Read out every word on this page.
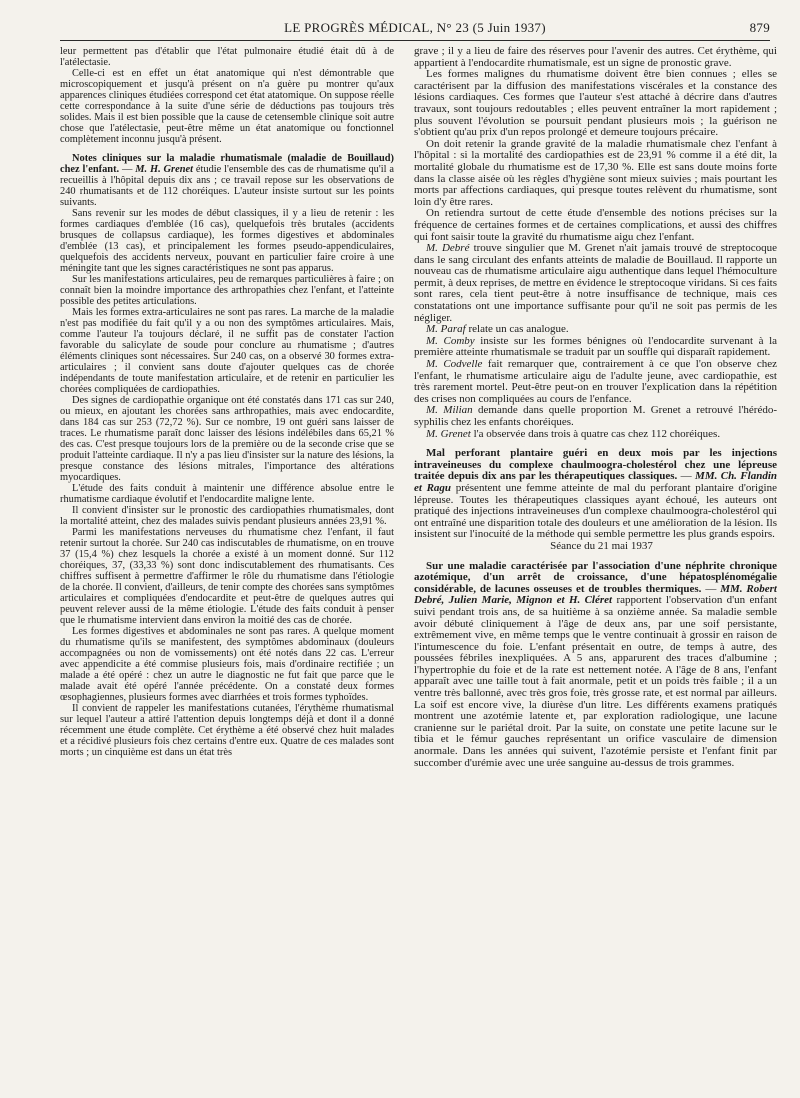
LE PROGRÈS MÉDICAL, N° 23 (5 Juin 1937)	879

leur permettent pas d'établir que l'état pulmonaire étudié était dû à de l'atélectasie.

Celle-ci est en effet un état anatomique qui n'est démontrable que microscopiquement et jusqu'à présent on n'a guère pu montrer qu'aux apparences cliniques étudiées correspond cet état atatomique. On suppose réelle cette correspondance à la suite d'une série de déductions pas toujours très solides. Mais il est bien possible que la cause de cetensemble clinique soit autre chose que l'atélectasie, peut-être même un état anatomique ou fonctionnel complètement inconnu jusqu'à présent.

Notes cliniques sur la maladie rhumatismale (maladie de Bouillaud) chez l'enfant. — M. H. Grenet étudie l'ensemble des cas de rhumatisme qu'il a recueillis à l'hôpital depuis dix ans ; ce travail repose sur les observations de 240 rhumatisants et de 112 choréiques. L'auteur insiste surtout sur les points suivants.

Sans revenir sur les modes de début classiques, il y a lieu de retenir : les formes cardiaques d'emblée (16 cas), quelquefois très brutales (accidents brusques de collapsus cardiaque), les formes digestives et abdominales d'emblée (13 cas), et principalement les formes pseudo-appendiculaires, quelquefois des accidents nerveux, pouvant en particulier faire croire à une méningite tant que les signes caractéristiques ne sont pas apparus.

Sur les manifestations articulaires, peu de remarques particulières à faire ; on connaît bien la moindre importance des arthropathies chez l'enfant, et l'atteinte possible des petites articulations.

Mais les formes extra-articulaires ne sont pas rares. La marche de la maladie n'est pas modifiée du fait qu'il y a ou non des symptômes articulaires. Mais, comme l'auteur l'a toujours déclaré, il ne suffit pas de constater l'action favorable du salicylate de soude pour conclure au rhumatisme ; d'autres éléments cliniques sont nécessaires. Sur 240 cas, on a observé 30 formes extra-articulaires ; il convient sans doute d'ajouter quelques cas de chorée indépendants de toute manifestation articulaire, et de retenir en particulier les chorées compliquées de cardiopathies.

Des signes de cardiopathie organique ont été constatés dans 171 cas sur 240, ou mieux, en ajoutant les chorées sans arthropathies, mais avec endocardite, dans 184 cas sur 253 (72,72 %). Sur ce nombre, 19 ont guéri sans laisser de traces. Le rhumatisme paraît donc laisser des lésions indélébiles dans 65,21 % des cas. C'est presque toujours lors de la première ou de la seconde crise que se produit l'atteinte cardiaque. Il n'y a pas lieu d'insister sur la nature des lésions, la presque constance des lésions mitrales, l'importance des altérations myocardiques.

L'étude des faits conduit à maintenir une différence absolue entre le rhumatisme cardiaque évolutif et l'endocardite maligne lente.

Il convient d'insister sur le pronostic des cardiopathies rhumatismales, dont la mortalité atteint, chez des malades suivis pendant plusieurs années 23,91 %.

Parmi les manifestations nerveuses du rhumatisme chez l'enfant, il faut retenir surtout la chorée. Sur 240 cas indiscutables de rhumatisme, on en trouve 37 (15,4 %) chez lesquels la chorée a existé à un moment donné. Sur 112 choréiques, 37, (33,33 %) sont donc indiscutablement des rhumatisants. Ces chiffres suffisent à permettre d'affirmer le rôle du rhumatisme dans l'étiologie de la chorée. Il convient, d'ailleurs, de tenir compte des chorées sans symptômes articulaires et compliquées d'endocardite et peut-être de quelques autres qui peuvent relever aussi de la même étiologie. L'étude des faits conduit à penser que le rhumatisme intervient dans environ la moitié des cas de chorée.

Les formes digestives et abdominales ne sont pas rares. A quelque moment du rhumatisme qu'ils se manifestent, des symptômes abdominaux (douleurs accompagnées ou non de vomissements) ont été notés dans 22 cas. L'erreur avec appendicite a été commise plusieurs fois, mais d'ordinaire rectifiée ; un malade a été opéré : chez un autre le diagnostic ne fut fait que parce que le malade avait été opéré l'année précédente. On a constaté deux formes œsophagiennes, plusieurs formes avec diarrhées et trois formes typhoïdes.

Il convient de rappeler les manifestations cutanées, l'érythème rhumatismal sur lequel l'auteur a attiré l'attention depuis longtemps déjà et dont il a donné récemment une étude complète. Cet érythème a été observé chez huit malades et a récidivé plusieurs fois chez certains d'entre eux. Quatre de ces malades sont morts ; un cinquième est dans un état très

grave ; il y a lieu de faire des réserves pour l'avenir des autres. Cet érythème, qui appartient à l'endocardite rhumatismale, est un signe de pronostic grave.

Les formes malignes du rhumatisme doivent être bien connues ; elles se caractérisent par la diffusion des manifestations viscérales et la constance des lésions cardiaques. Ces formes que l'auteur s'est attaché à décrire dans d'autres travaux, sont toujours redoutables ; elles peuvent entraîner la mort rapidement ; plus souvent l'évolution se poursuit pendant plusieurs mois ; la guérison ne s'obtient qu'au prix d'un repos prolongé et demeure toujours précaire.

On doit retenir la grande gravité de la maladie rhumatismale chez l'enfant à l'hôpital : si la mortalité des cardiopathies est de 23,91 % comme il a été dit, la mortalité globale du rhumatisme est de 17,30 %. Elle est sans doute moins forte dans la classe aisée où les règles d'hygiène sont mieux suivies ; mais pourtant les morts par affections cardiaques, qui presque toutes relèvent du rhumatisme, sont loin d'y être rares.

On retiendra surtout de cette étude d'ensemble des notions précises sur la fréquence de certaines formes et de certaines complications, et aussi des chiffres qui font saisir toute la gravité du rhumatisme aigu chez l'enfant.

M. Debré trouve singulier que M. Grenet n'ait jamais trouvé de streptocoque dans le sang circulant des enfants atteints de maladie de Bouillaud. Il rapporte un nouveau cas de rhumatisme articulaire aigu authentique dans lequel l'hémoculture permit, à deux reprises, de mettre en évidence le streptocoque viridans. Si ces faits sont rares, cela tient peut-être à notre insuffisance de technique, mais ces constatations ont une importance suffisante pour qu'il ne soit pas permis de les négliger.

M. Paraf relate un cas analogue.

M. Comby insiste sur les formes bénignes où l'endocardite survenant à la première atteinte rhumatismale se traduit par un souffle qui disparaît rapidement.

M. Codvelle fait remarquer que, contrairement à ce que l'on observe chez l'enfant, le rhumatisme articulaire aigu de l'adulte jeune, avec cardiopathie, est très rarement mortel. Peut-être peut-on en trouver l'explication dans la répétition des crises non compliquées au cours de l'enfance.

M. Milian demande dans quelle proportion M. Grenet a retrouvé l'hérédo-syphilis chez les enfants choréiques.

M. Grenet l'a observée dans trois à quatre cas chez 112 choréiques.

Mal perforant plantaire guéri en deux mois par les injections intraveineuses du complexe chaulmoogra-cholestérol chez une lépreuse traitée depuis dix ans par les thérapeutiques classiques. — MM. Ch. Flandin et Ragu présentent une femme atteinte de mal du perforant plantaire d'origine lépreuse. Toutes les thérapeutiques classiques ayant échoué, les auteurs ont pratiqué des injections intraveineuses d'un complexe chaulmoogra-cholestérol qui ont entraîné une disparition totale des douleurs et une amélioration de la lésion. Ils insistent sur l'inocuité de la méthode qui semble permettre les plus grands espoirs.

Séance du 21 mai 1937

Sur une maladie caractérisée par l'association d'une néphrite chronique azotémique, d'un arrêt de croissance, d'une hépatosplénomégalie considérable, de lacunes osseuses et de troubles thermiques. — MM. Robert Debré, Julien Marie, Mignon et H. Cléret rapportent l'observation d'un enfant suivi pendant trois ans, de sa huitième à sa onzième année. Sa maladie semble avoir débuté cliniquement à l'âge de deux ans, par une soif persistante, extrêmement vive, en même temps que le ventre continuait à grossir en raison de l'intumescence du foie. L'enfant présentait en outre, de temps à autre, des poussées fébriles inexpliquées. A 5 ans, apparurent des traces d'albumine ; l'hypertrophie du foie et de la rate est nettement notée. A l'âge de 8 ans, l'enfant apparaît avec une taille tout à fait anormale, petit et un poids très faible ; il a un ventre très ballonné, avec très gros foie, très grosse rate, et est normal par ailleurs. La soif est encore vive, la diurèse d'un litre. Les différents examens pratiqués montrent une azotémie latente et, par exploration radiologique, une lacune cranienne sur le pariétal droit. Par la suite, on constate une petite lacune sur le tibia et le fémur gauches représentant un orifice vasculaire de dimension anormale. Dans les années qui suivent, l'azotémie persiste et l'enfant finit par succomber d'urémie avec une urée sanguine au-dessus de trois grammes.
